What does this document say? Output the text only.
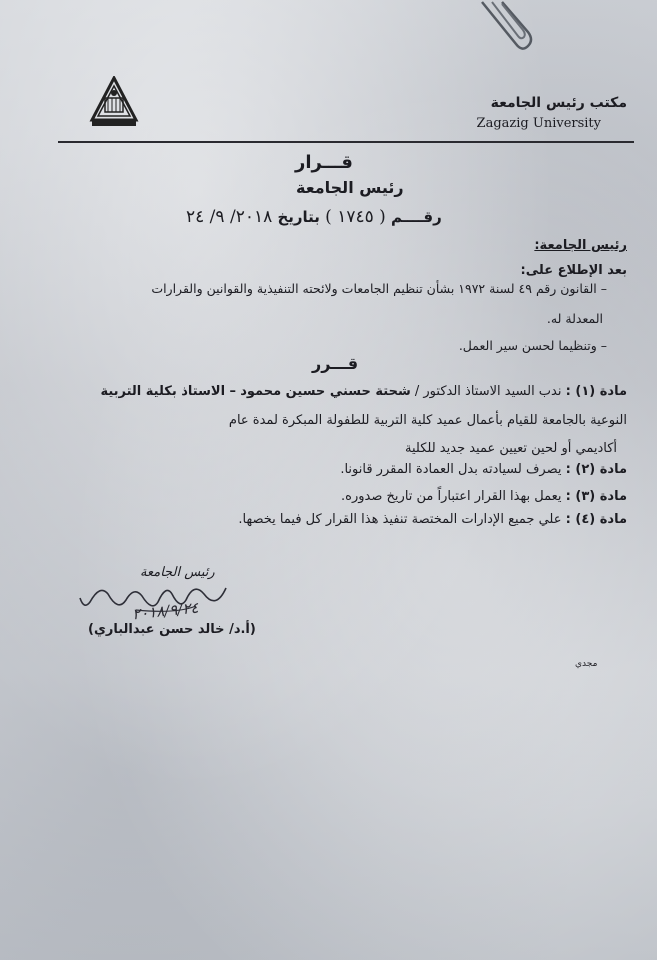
مكتب رئيس الجامعة
Zagazig University
قـــرار
رئيس الجامعة
رقــــم ( ١٧٤٥ ) بتاريخ ٢٠١٨/ ٩/ ٢٤
رئيس الجامعة:
بعد الإطلاع على:
– القانون رقم ٤٩ لسنة ١٩٧٢ بشأن تنظيم الجامعات ولائحته التنفيذية والقوانين والقرارات
المعدلة له.
– وتنظيما لحسن سير العمل.
قـــرر
مادة (١) : ندب السيد الاستاذ الدكتور / شحتة حسني حسين محمود – الاستاذ بكلية التربية
النوعية بالجامعة للقيام بأعمال عميد كلية التربية للطفولة المبكرة لمدة عام
أكاديمي أو لحين تعيين عميد جديد للكلية
مادة (٢) : يصرف لسيادته بدل العمادة المقرر قانونا.
مادة (٣) : يعمل بهذا القرار اعتباراً من تاريخ صدوره.
مادة (٤) : علي جميع الإدارات المختصة تنفيذ هذا القرار كل فيما يخصها.
رئيس الجامعة
٢٠١٨/٩/٢٤
(أ.د/ خالد حسن عبدالباري)
مجدي
